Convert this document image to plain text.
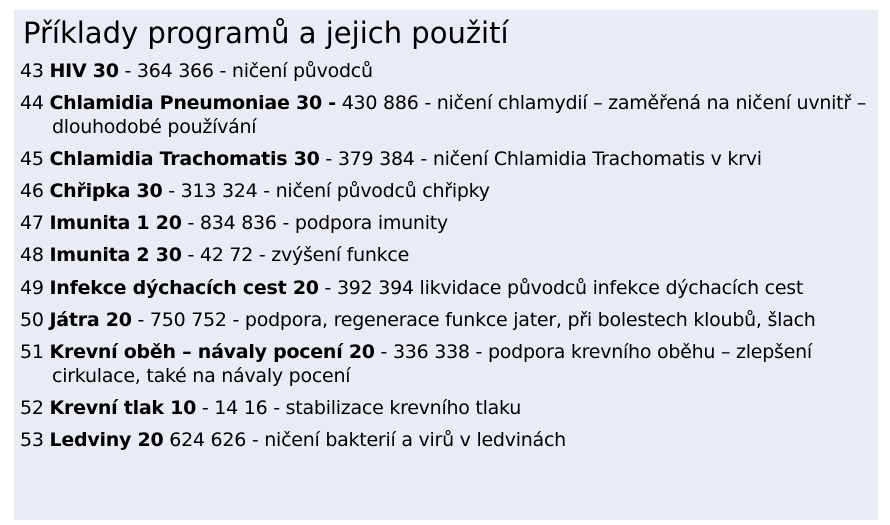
Příklady programů a jejich použití
43 HIV 30 - 364 366 - ničení původců
44 Chlamidia Pneumoniae 30 - 430 886 - ničení chlamydií – zaměřená na ničení uvnitř – dlouhodobé používání
45 Chlamidia Trachomatis 30 - 379 384 - ničení Chlamidia Trachomatis v krvi
46 Chřipka 30 - 313 324 - ničení původců chřipky
47 Imunita 1 20 - 834 836 - podpora imunity
48 Imunita 2 30 - 42 72 - zvýšení funkce
49 Infekce dýchacích cest 20 - 392 394 likvidace původců infekce dýchacích cest
50 Játra 20 - 750 752 - podpora, regenerace funkce jater, při bolestech kloubů, šlach
51 Krevní oběh – návaly pocení 20 - 336 338 - podpora krevního oběhu – zlepšení cirkulace, také na návaly pocení
52 Krevní tlak 10 - 14 16 - stabilizace krevního tlaku
53 Ledviny 20 624 626 - ničení bakterií a virů v ledvinách
